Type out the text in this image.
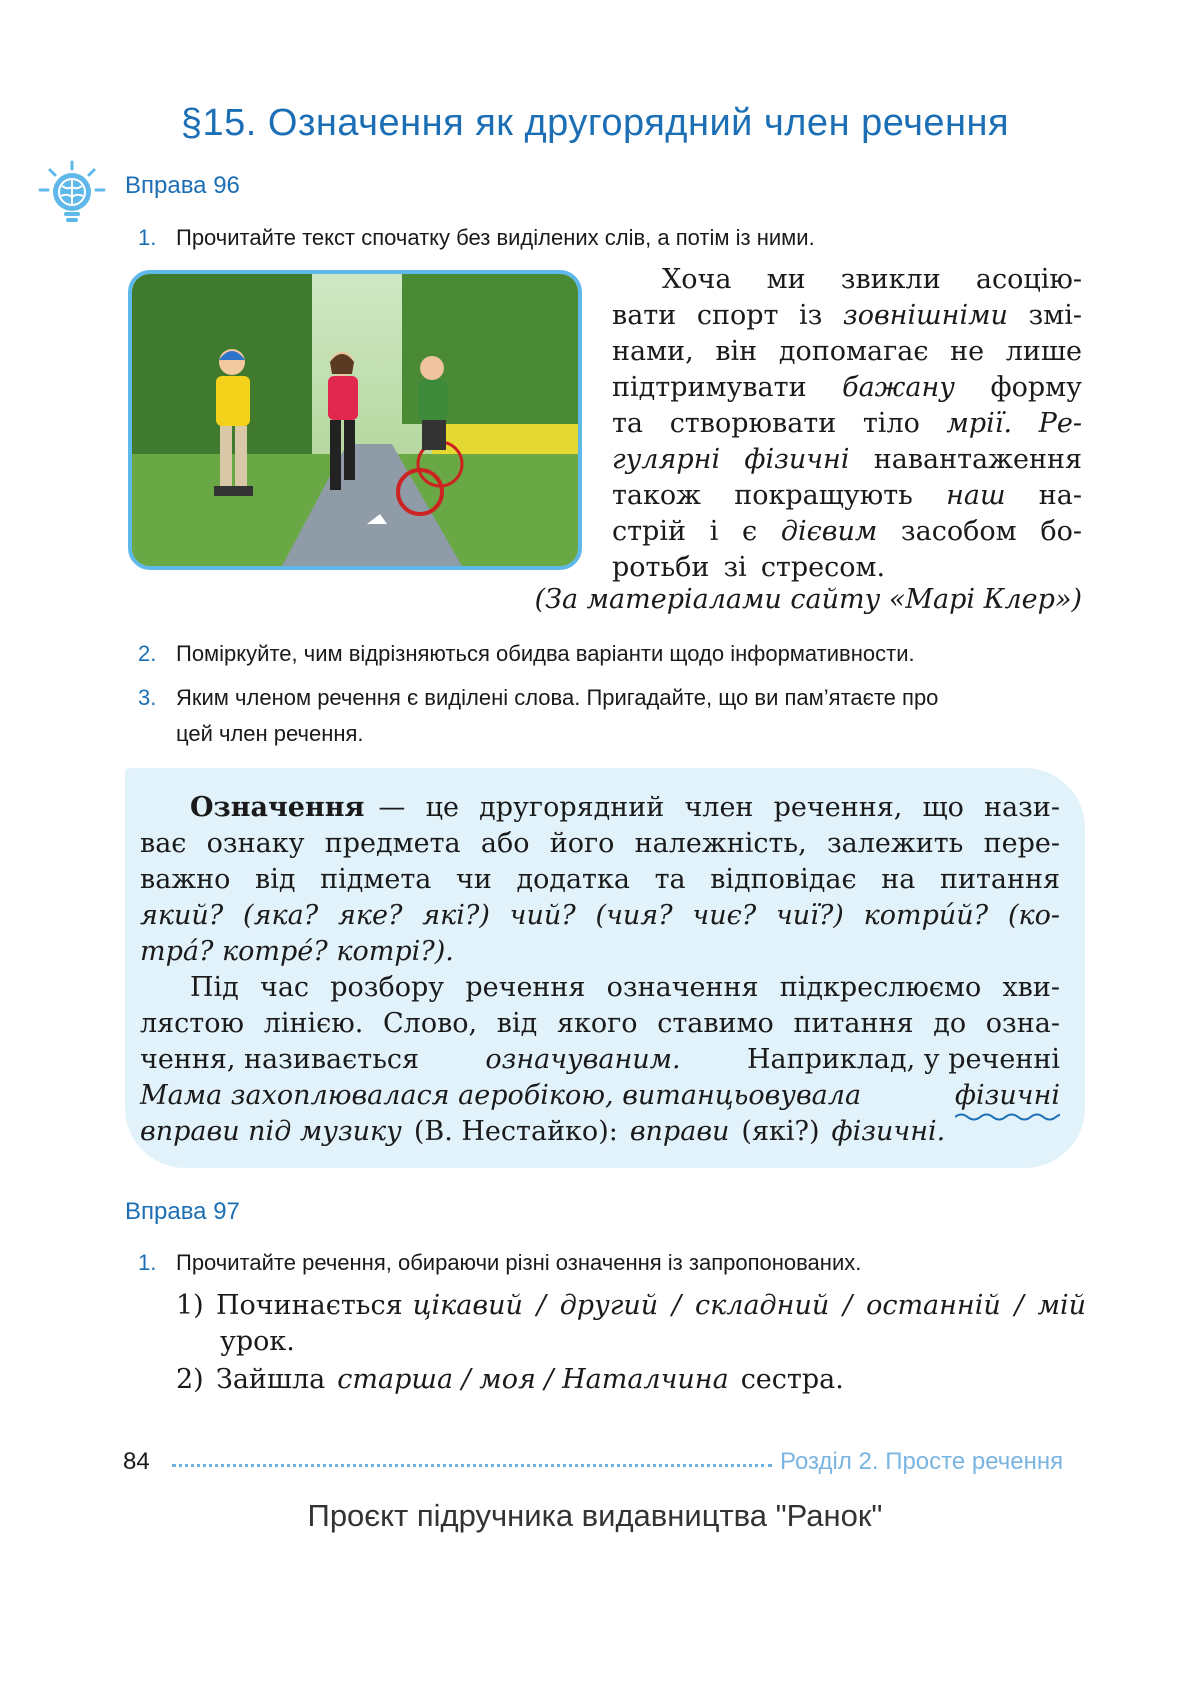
§15. Означення як другорядний член речення
Вправа 96
1. Прочитайте текст спочатку без виділених слів, а потім із ними.
Хоча ми звикли асоцію-
вати спорт із зовнішніми змі-
нами, він допомагає не лише
підтримувати бажану форму
та створювати тіло мрії. Ре-
гулярні фізичні навантаження
також покращують наш на-
стрій і є дієвим засобом бо-
ротьби зі стресом.
(За матеріалами сайту «Марі Клер»)
2. Поміркуйте, чим відрізняються обидва варіанти щодо інформативности.
3. Яким членом речення є виділені слова. Пригадайте, що ви пам’ятаєте про
цей член речення.
Означення — це другорядний член речення, що нази-
ває ознаку предмета або його належність, залежить пере-
важно від підмета чи додатка та відповідає на питання
який? (яка? яке? які?) чий? (чия? чиє? чиї?) котрúй? (ко-
трá? котрé? котрі?).
Під час розбору речення означення підкреслюємо хви-
лястою лінією. Слово, від якого ставимо питання до озна-
чення, називається означуваним. Наприклад, у реченні
Мама захоплювалася аеробікою, витанцьовувала	фізичні
вправи під музику (В. Нестайко): вправи (які?) фізичні.
Вправа 97
1. Прочитайте речення, обираючи різні означення із запропонованих.
1) Починається цікавий / другий / складний / останній / мій
урок.
2) Зайшла старша / моя / Наталчина сестра.
84	Розділ 2. Просте речення
Проєкт підручника видавництва "Ранок"
